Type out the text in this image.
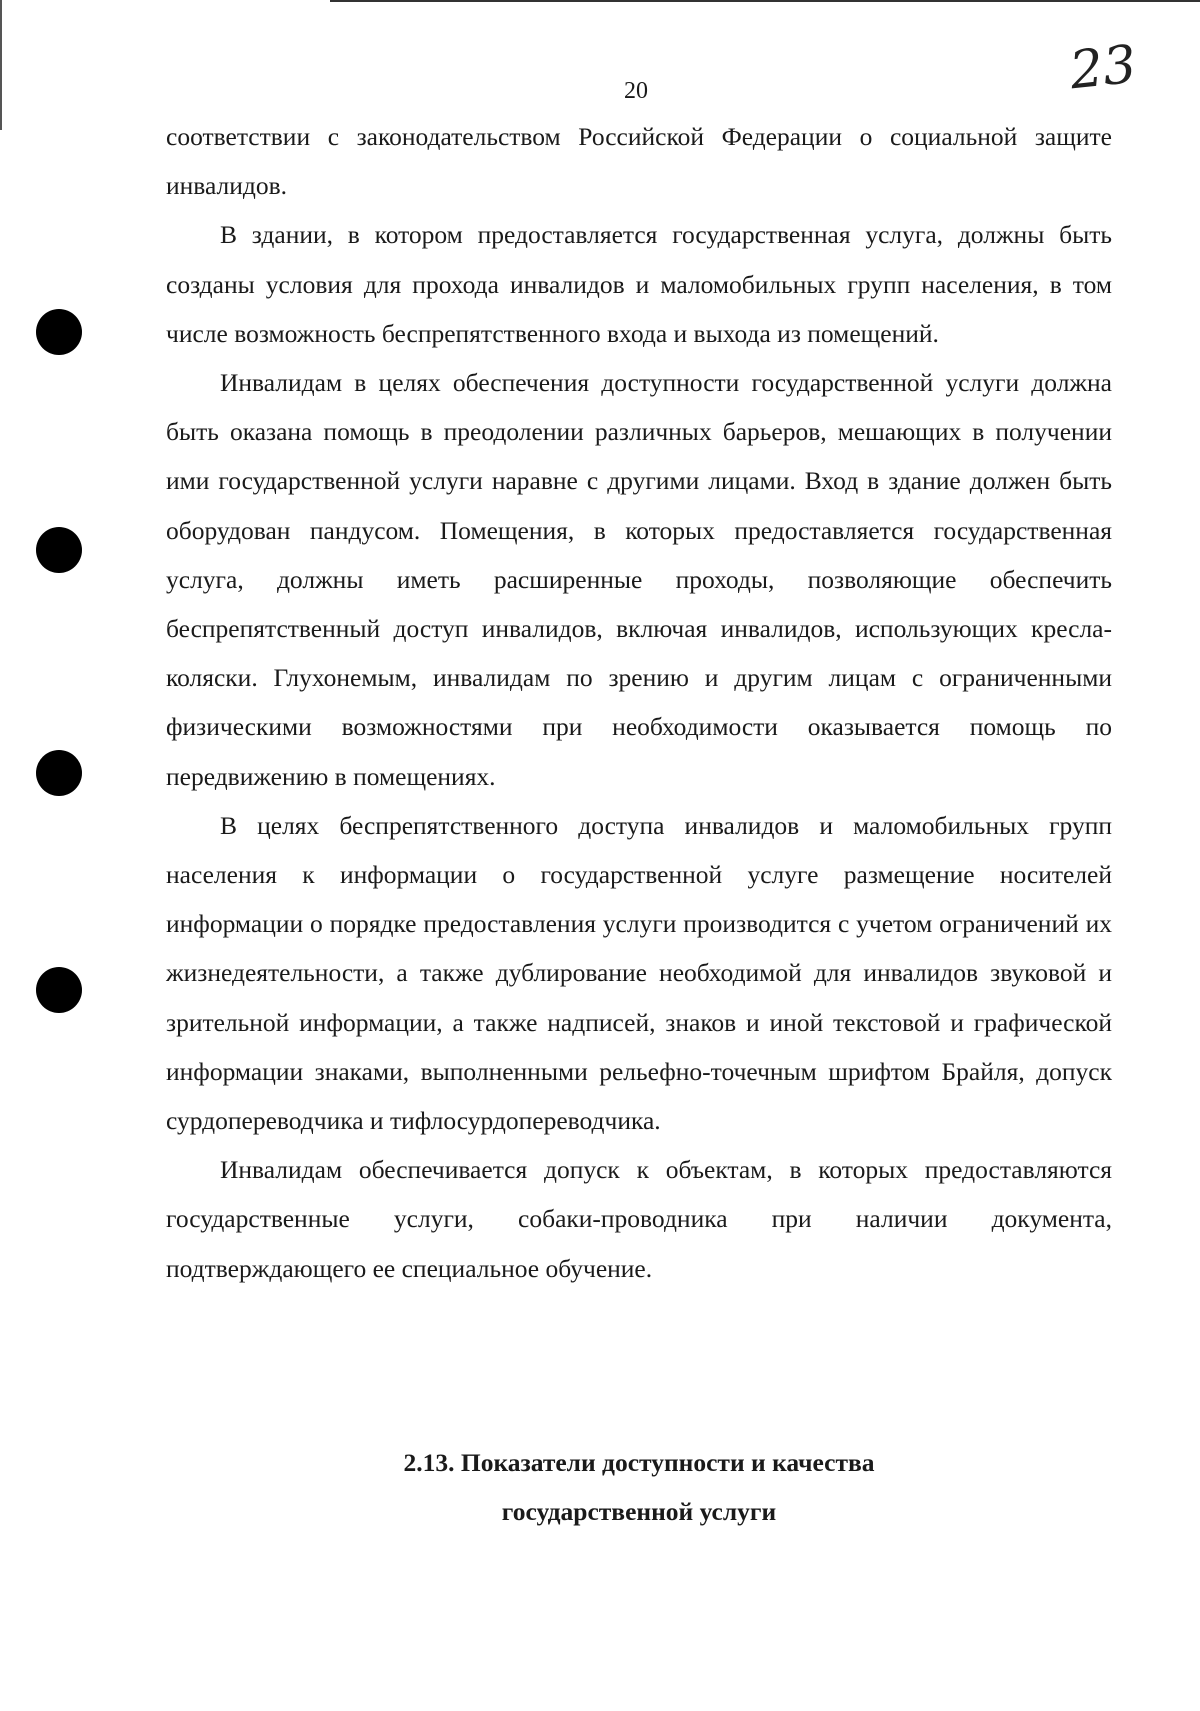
20	23

соответствии с законодательством Российской Федерации о социальной защите инвалидов.

В здании, в котором предоставляется государственная услуга, должны быть созданы условия для прохода инвалидов и маломобильных групп населения, в том числе возможность беспрепятственного входа и выхода из помещений.

Инвалидам в целях обеспечения доступности государственной услуги должна быть оказана помощь в преодолении различных барьеров, мешающих в получении ими государственной услуги наравне с другими лицами. Вход в здание должен быть оборудован пандусом. Помещения, в которых предоставляется государственная услуга, должны иметь расширенные проходы, позволяющие обеспечить беспрепятственный доступ инвалидов, включая инвалидов, использующих кресла-коляски. Глухонемым, инвалидам по зрению и другим лицам с ограниченными физическими возможностями при необходимости оказывается помощь по передвижению в помещениях.

В целях беспрепятственного доступа инвалидов и маломобильных групп населения к информации о государственной услуге размещение носителей информации о порядке предоставления услуги производится с учетом ограничений их жизнедеятельности, а также дублирование необходимой для инвалидов звуковой и зрительной информации, а также надписей, знаков и иной текстовой и графической информации знаками, выполненными рельефно-точечным шрифтом Брайля, допуск сурдопереводчика и тифлосурдопереводчика.

Инвалидам обеспечивается допуск к объектам, в которых предоставляются государственные услуги, собаки-проводника при наличии документа, подтверждающего ее специальное обучение.

2.13. Показатели доступности и качества

государственной услуги
